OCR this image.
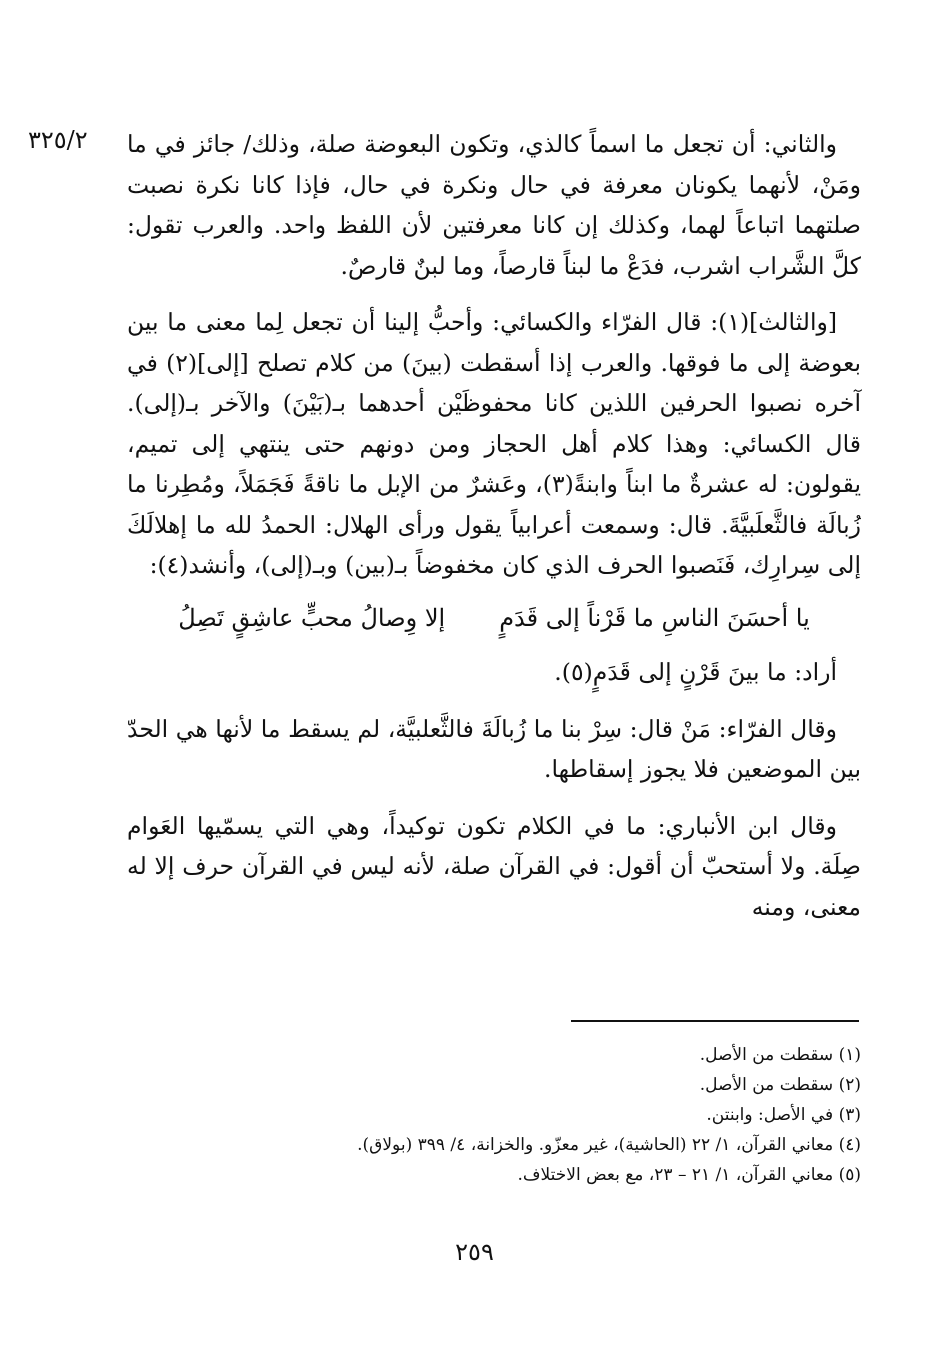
٣٢٥/٢ والثاني: أن تجعل ما اسماً كالذي، وتكون البعوضة صلة، وذلك/ جائز في ما ومَنْ، لأنهما يكونان معرفة في حال ونكرة في حال، فإذا كانا نكرة نصبت صلتهما اتباعاً لهما، وكذلك إن كانا معرفتين لأن اللفظ واحد. والعرب تقول: كلَّ الشَّراب اشرب، فدَعْ ما لبناً قارصاً، وما لبنٌ قارصٌ.

[والثالث](١): قال الفرّاء والكسائي: وأحبُّ إلينا أن تجعل لِما معنى ما بين بعوضة إلى ما فوقها. والعرب إذا أسقطت (بينَ) من كلام تصلح [إلى](٢) في آخره نصبوا الحرفين اللذين كانا محفوظَيْن أحدهما بـ(بَيْنَ) والآخر بـ(إلى). قال الكسائي: وهذا كلام أهل الحجاز ومن دونهم حتى ينتهي إلى تميم، يقولون: له عشرةٌ ما ابناً وابنةً(٣)، وعَشرٌ من الإبل ما ناقةً فَجَمَلاً، ومُطِرنا ما زُبالَة فالثَّعلَبيَّةَ. قال: وسمعت أعرابياً يقول ورأى الهلال: الحمدُ لله ما إهلالَكَ إلى سِرارِك، فَنَصبوا الحرف الذي كان مخفوضاً بـ(بين) وبـ(إلى)، وأنشد(٤):

يا أحسَنَ الناسِ ما قَرْناً إلى قَدَمٍ
إلا وِصالُ محبٍّ عاشِقٍ تَصِلُ

أراد: ما بينَ قَرْنٍ إلى قَدَمٍ(٥).

وقال الفرّاء: مَنْ قال: سِرْ بنا ما زُبالَةَ فالثَّعلبيَّة، لم يسقط ما لأنها هي الحدّ بين الموضعين فلا يجوز إسقاطها.

وقال ابن الأنباري: ما في الكلام تكون توكيداً، وهي التي يسمّيها العَوام صِلَة. ولا أستحبّ أن أقول: في القرآن صلة، لأنه ليس في القرآن حرف إلا له معنى، ومنه

(١) سقطت من الأصل.
(٢) سقطت من الأصل.
(٣) في الأصل: وابنتن.
(٤) معاني القرآن، ١/ ٢٢ (الحاشية)، غير معزّو. والخزانة، ٤/ ٣٩٩ (بولاق).
(٥) معاني القرآن، ١/ ٢١ – ٢٣، مع بعض الاختلاف.
٢٥٩
